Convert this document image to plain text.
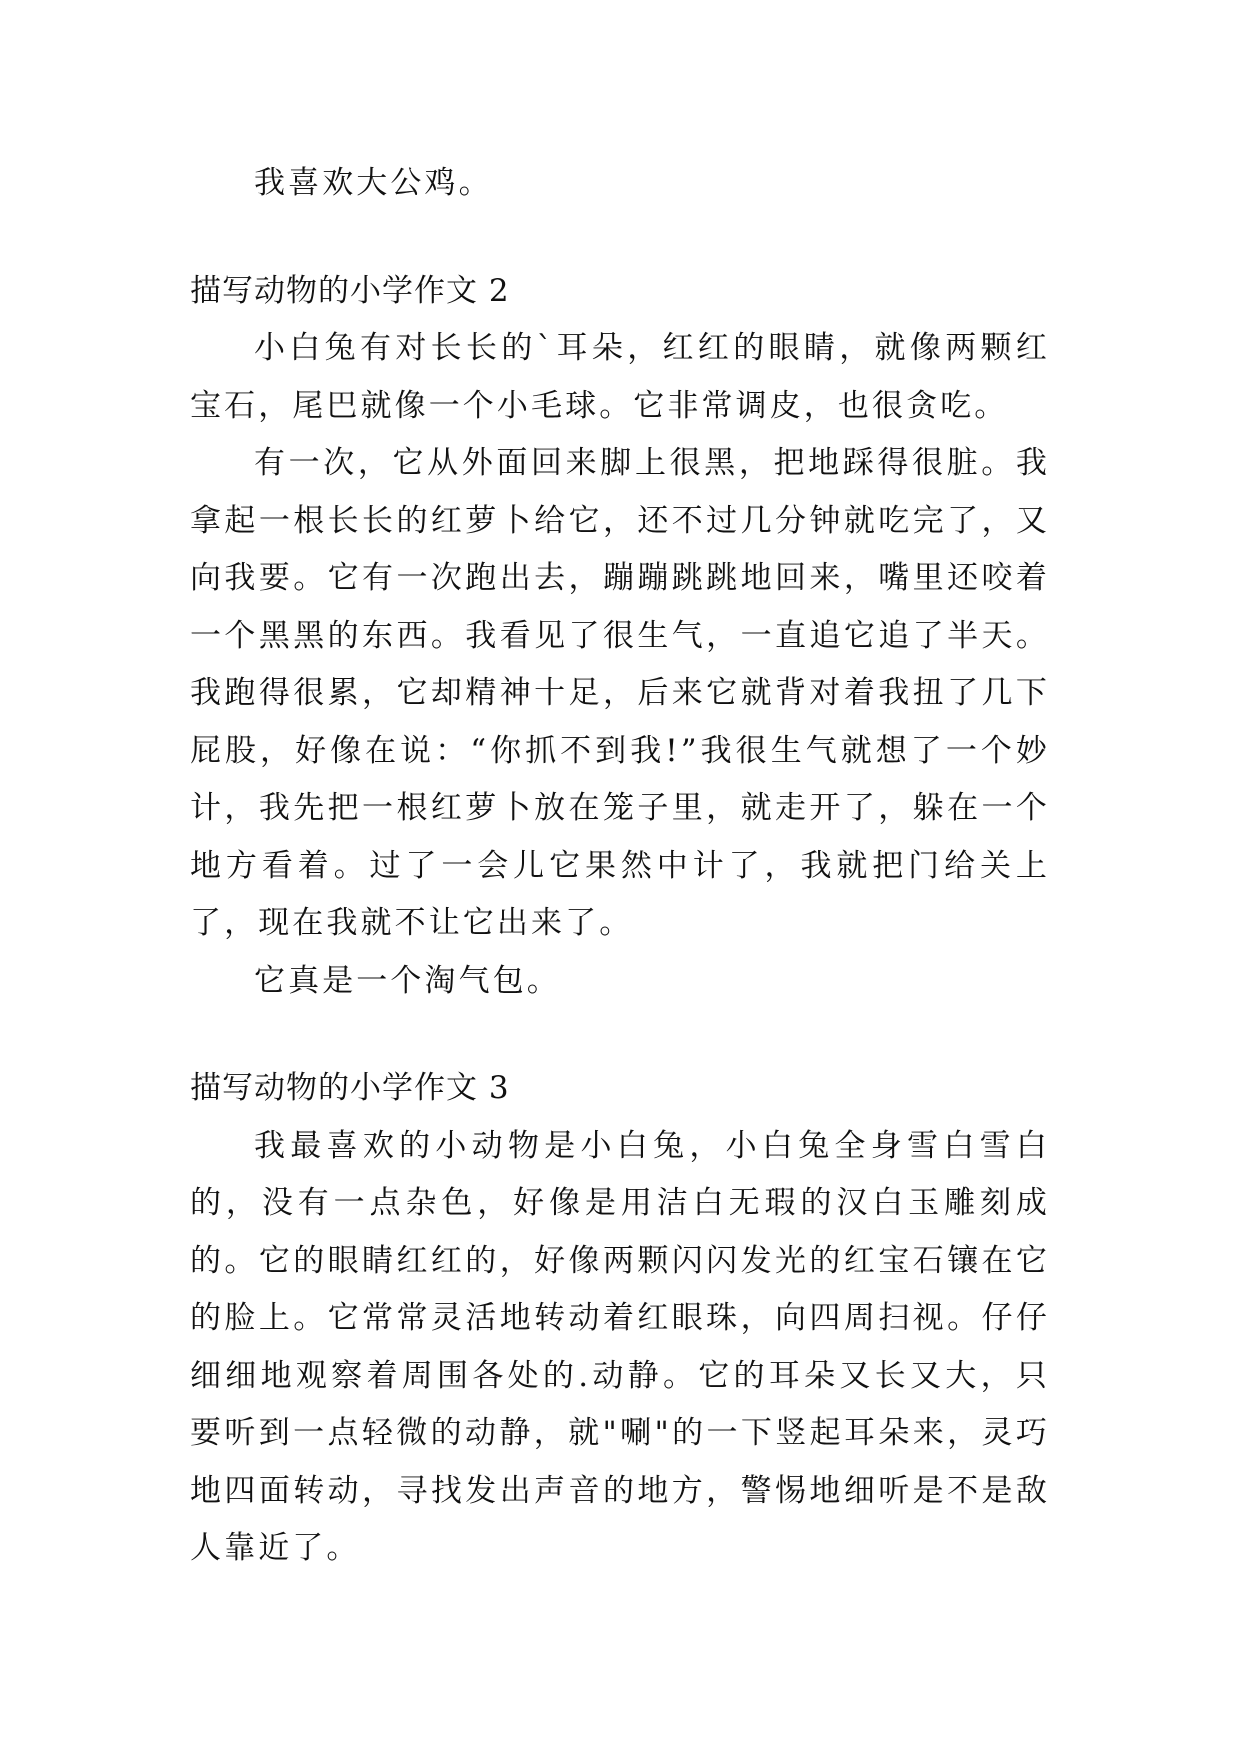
我喜欢大公鸡。

描写动物的小学作文 2

小白兔有对长长的`耳朵，红红的眼睛，就像两颗红宝石，尾巴就像一个小毛球。它非常调皮，也很贪吃。

有一次，它从外面回来脚上很黑，把地踩得很脏。我拿起一根长长的红萝卜给它，还不过几分钟就吃完了，又向我要。它有一次跑出去，蹦蹦跳跳地回来，嘴里还咬着一个黑黑的东西。我看见了很生气，一直追它追了半天。我跑得很累，它却精神十足，后来它就背对着我扭了几下屁股，好像在说：“你抓不到我!”我很生气就想了一个妙计，我先把一根红萝卜放在笼子里，就走开了，躲在一个地方看着。过了一会儿它果然中计了，我就把门给关上了，现在我就不让它出来了。

它真是一个淘气包。

描写动物的小学作文 3

我最喜欢的小动物是小白兔，小白兔全身雪白雪白的，没有一点杂色，好像是用洁白无瑕的汉白玉雕刻成的。它的眼睛红红的，好像两颗闪闪发光的红宝石镶在它的脸上。它常常灵活地转动着红眼珠，向四周扫视。仔仔细细地观察着周围各处的.动静。它的耳朵又长又大，只要听到一点轻微的动静，就"唰"的一下竖起耳朵来，灵巧地四面转动，寻找发出声音的地方，警惕地细听是不是敌人靠近了。
